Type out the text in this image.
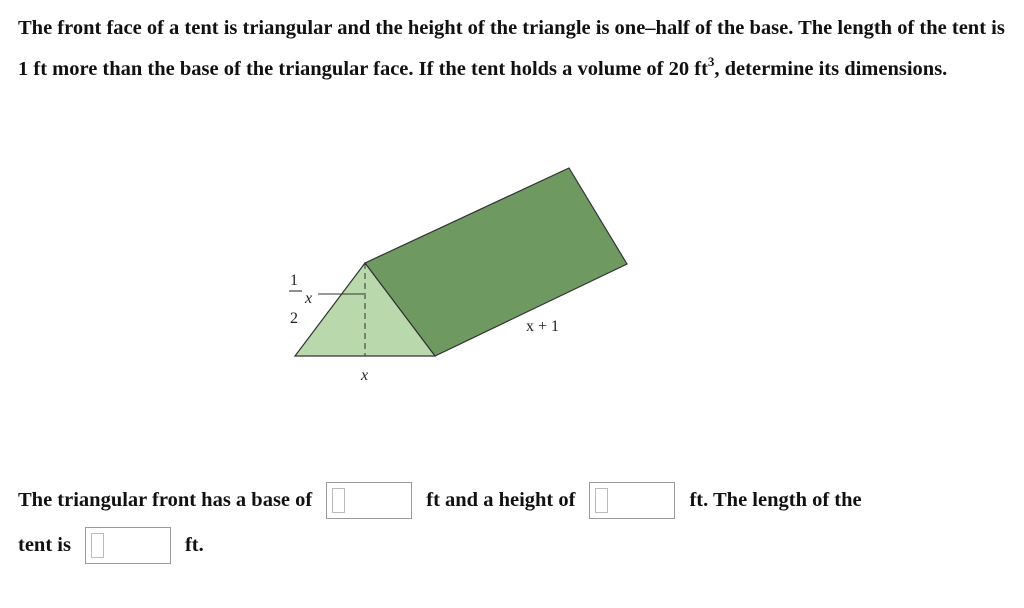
The front face of a tent is triangular and the height of the triangle is one–half of the base. The length of the tent is 1 ft more than the base of the triangular face. If the tent holds a volume of 20 $ft^3$, determine its dimensions.

1
2
x
x
x + 1
The triangular front has a base of	ft and a height of	ft. The length of the
tent is	ft.
